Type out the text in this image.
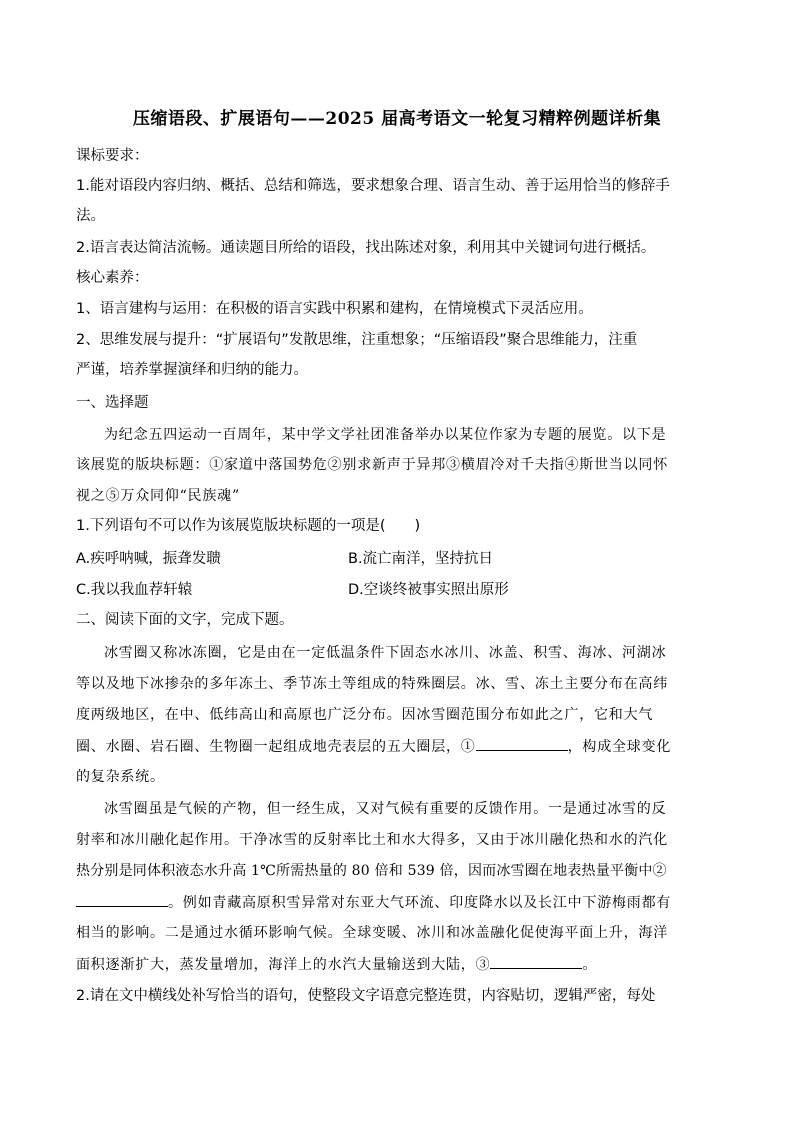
压缩语段、扩展语句——2025 届高考语文一轮复习精粹例题详析集
课标要求：
1.能对语段内容归纳、概括、总结和筛选，要求想象合理、语言生动、善于运用恰当的修辞手
法。
2.语言表达简洁流畅。通读题目所给的语段，找出陈述对象，利用其中关键词句进行概括。
核心素养：
1、语言建构与运用：在积极的语言实践中积累和建构，在情境模式下灵活应用。
2、思维发展与提升：“扩展语句”发散思维，注重想象；“压缩语段”聚合思维能力，注重
严谨，培养掌握演绎和归纳的能力。
一、选择题
为纪念五四运动一百周年，某中学文学社团准备举办以某位作家为专题的展览。以下是
该展览的版块标题：①家道中落国势危②别求新声于异邦③横眉冷对千夫指④斯世当以同怀
视之⑤万众同仰“民族魂”
1.下列语句不可以作为该展览版块标题的一项是(　　)
A.疾呼呐喊，振聋发聩	B.流亡南洋，坚持抗日
C.我以我血荐轩辕	D.空谈终被事实照出原形
二、阅读下面的文字，完成下题。
冰雪圈又称冰冻圈，它是由在一定低温条件下固态水冰川、冰盖、积雪、海冰、河湖冰
等以及地下冰掺杂的多年冻土、季节冻土等组成的特殊圈层。冰、雪、冻土主要分布在高纬
度两级地区，在中、低纬高山和高原也广泛分布。因冰雪圈范围分布如此之广，它和大气
圈、水圈、岩石圈、生物圈一起组成地壳表层的五大圈层，①	，构成全球变化
的复杂系统。
冰雪圈虽是气候的产物，但一经生成，又对气候有重要的反馈作用。一是通过冰雪的反
射率和冰川融化起作用。干净冰雪的反射率比土和水大得多，又由于冰川融化热和水的汽化
热分别是同体积液态水升高 1℃所需热量的 80 倍和 539 倍，因而冰雪圈在地表热量平衡中②
。例如青藏高原积雪异常对东亚大气环流、印度降水以及长江中下游梅雨都有
相当的影响。二是通过水循环影响气候。全球变暖、冰川和冰盖融化促使海平面上升，海洋
面积逐渐扩大，蒸发量增加，海洋上的水汽大量输送到大陆，③	。
2.请在文中横线处补写恰当的语句，使整段文字语意完整连贯，内容贴切，逻辑严密，每处
